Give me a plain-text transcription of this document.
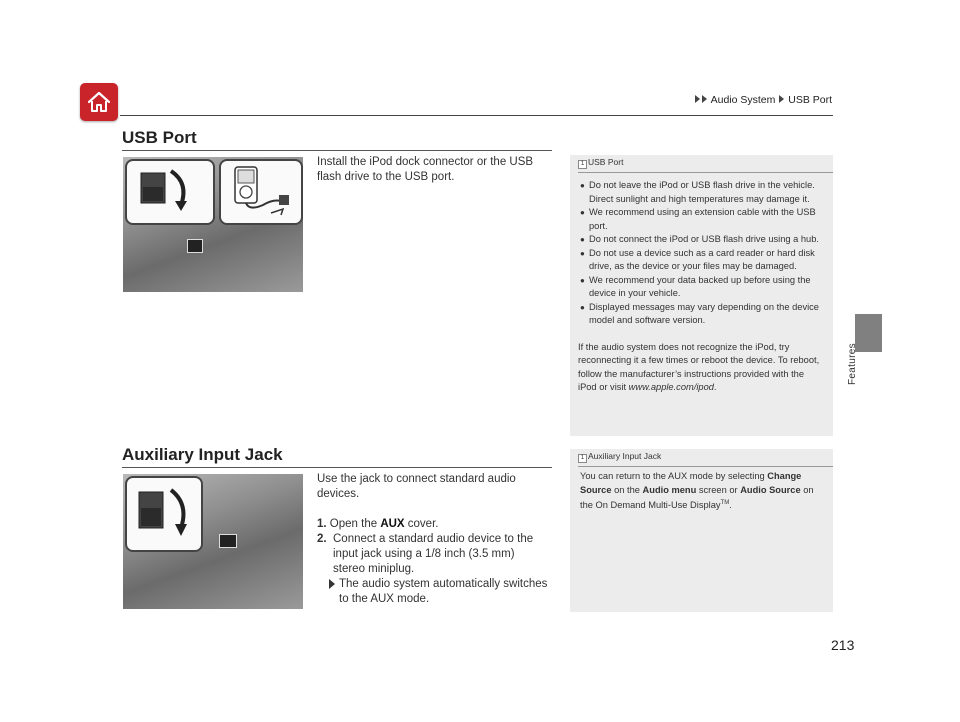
Audio System USB Port
Features
USB Port
Install the iPod dock connector or the USB flash drive to the USB port.
1 USB Port
● Do not leave the iPod or USB flash drive in the vehicle. Direct sunlight and high temperatures may damage it.
● We recommend using an extension cable with the USB port.
● Do not connect the iPod or USB flash drive using a hub.
● Do not use a device such as a card reader or hard disk drive, as the device or your files may be damaged.
● We recommend your data backed up before using the device in your vehicle.
● Displayed messages may vary depending on the device model and software version.
If the audio system does not recognize the iPod, try reconnecting it a few times or reboot the device. To reboot, follow the manufacturer’s instructions provided with the iPod or visit www.apple.com/ipod.
Auxiliary Input Jack
Use the jack to connect standard audio devices.
1. Open the AUX cover.
2. Connect a standard audio device to the input jack using a 1/8 inch (3.5 mm) stereo miniplug.
The audio system automatically switches to the AUX mode.
1 Auxiliary Input Jack
You can return to the AUX mode by selecting Change Source on the Audio menu screen or Audio Source on the On Demand Multi-Use Display™.
213
